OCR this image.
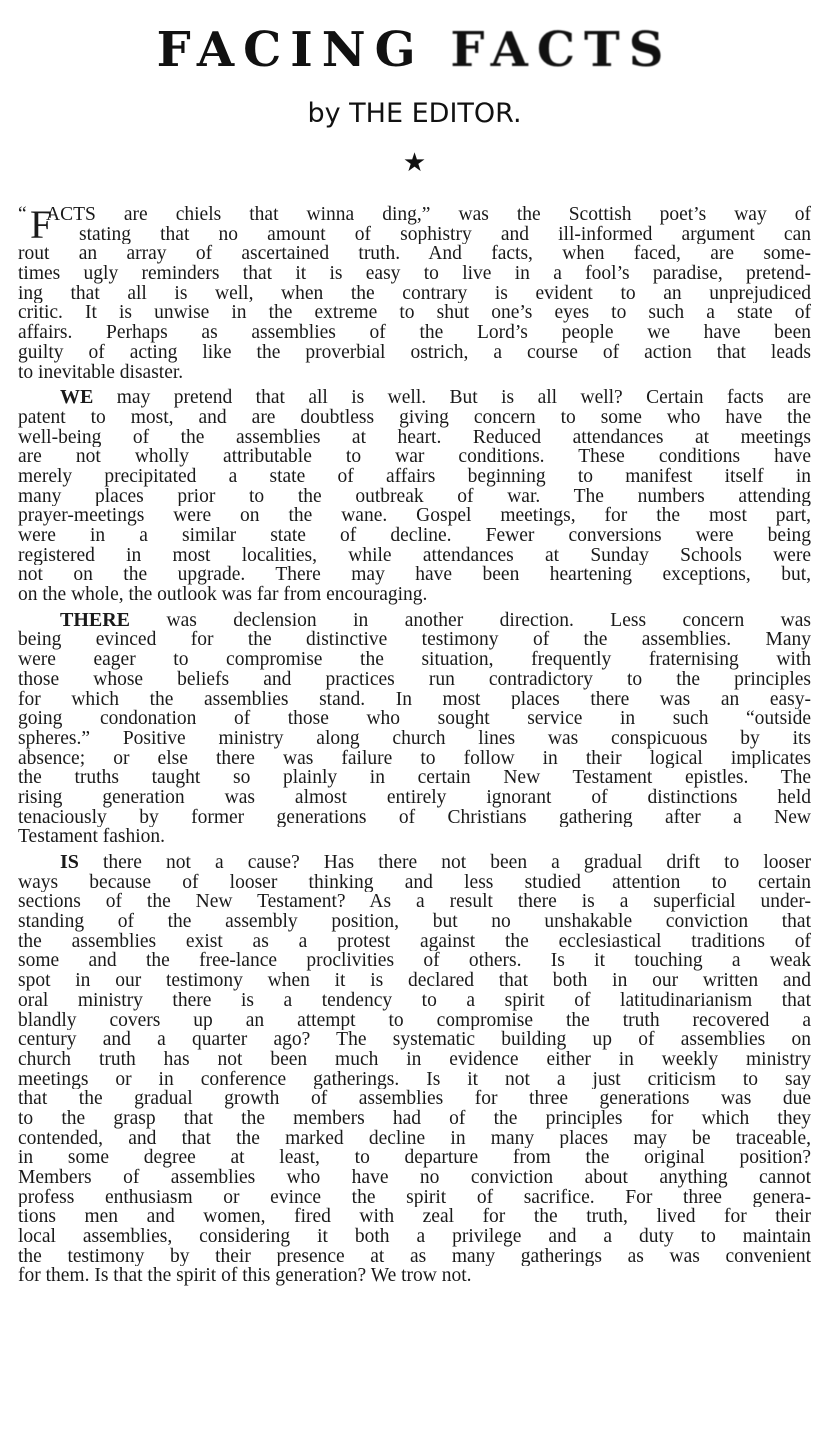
FACING FACTS
by THE EDITOR.
★
“ F
ACTS are chiels that winna ding,” was the Scottish poet’s way of
stating that no amount of sophistry and ill-informed argument can
rout an array of ascertained truth. And facts, when faced, are some-
times ugly reminders that it is easy to live in a fool’s paradise, pretend-
ing that all is well, when the contrary is evident to an unprejudiced
critic. It is unwise in the extreme to shut one’s eyes to such a state of
affairs. Perhaps as assemblies of the Lord’s people we have been
guilty of acting like the proverbial ostrich, a course of action that leads
to inevitable disaster.
WE may pretend that all is well. But is all well? Certain facts are
patent to most, and are doubtless giving concern to some who have the
well-being of the assemblies at heart. Reduced attendances at meetings
are not wholly attributable to war conditions. These conditions have
merely precipitated a state of affairs beginning to manifest itself in
many places prior to the outbreak of war. The numbers attending
prayer-meetings were on the wane. Gospel meetings, for the most part,
were in a similar state of decline. Fewer conversions were being
registered in most localities, while attendances at Sunday Schools were
not on the upgrade. There may have been heartening exceptions, but,
on the whole, the outlook was far from encouraging.
THERE was declension in another direction. Less concern was
being evinced for the distinctive testimony of the assemblies. Many
were eager to compromise the situation, frequently fraternising with
those whose beliefs and practices run contradictory to the principles
for which the assemblies stand. In most places there was an easy-
going condonation of those who sought service in such “outside
spheres.” Positive ministry along church lines was conspicuous by its
absence; or else there was failure to follow in their logical implicates
the truths taught so plainly in certain New Testament epistles. The
rising generation was almost entirely ignorant of distinctions held
tenaciously by former generations of Christians gathering after a New
Testament fashion.
IS there not a cause? Has there not been a gradual drift to looser
ways because of looser thinking and less studied attention to certain
sections of the New Testament? As a result there is a superficial under-
standing of the assembly position, but no unshakable conviction that
the assemblies exist as a protest against the ecclesiastical traditions of
some and the free-lance proclivities of others. Is it touching a weak
spot in our testimony when it is declared that both in our written and
oral ministry there is a tendency to a spirit of latitudinarianism that
blandly covers up an attempt to compromise the truth recovered a
century and a quarter ago? The systematic building up of assemblies on
church truth has not been much in evidence either in weekly ministry
meetings or in conference gatherings. Is it not a just criticism to say
that the gradual growth of assemblies for three generations was due
to the grasp that the members had of the principles for which they
contended, and that the marked decline in many places may be traceable,
in some degree at least, to departure from the original position?
Members of assemblies who have no conviction about anything cannot
profess enthusiasm or evince the spirit of sacrifice. For three genera-
tions men and women, fired with zeal for the truth, lived for their
local assemblies, considering it both a privilege and a duty to maintain
the testimony by their presence at as many gatherings as was convenient
for them. Is that the spirit of this generation? We trow not.
